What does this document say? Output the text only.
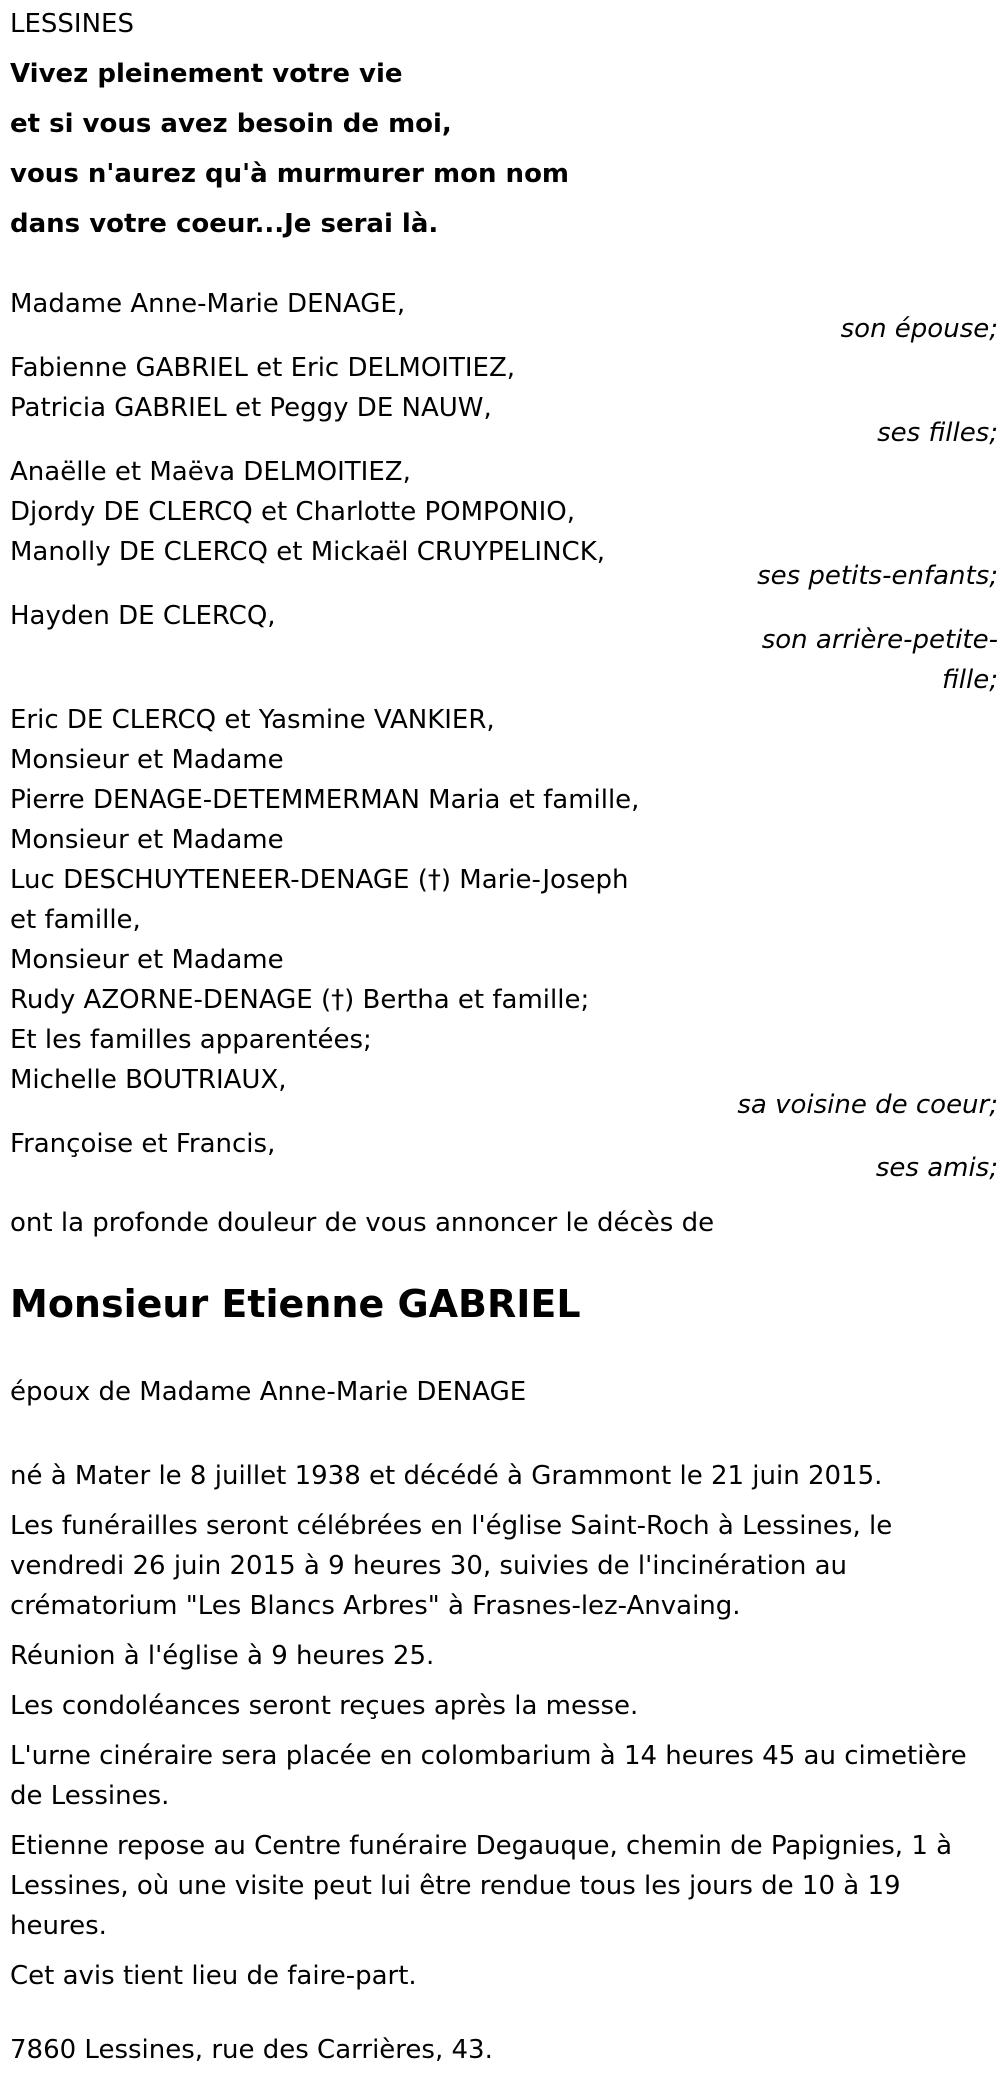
LESSINES
Vivez pleinement votre vie
et si vous avez besoin de moi,
vous n'aurez qu'à murmurer mon nom
dans votre coeur...Je serai là.
Madame Anne-Marie DENAGE,
son épouse;
Fabienne GABRIEL et Eric DELMOITIEZ,
Patricia GABRIEL et Peggy DE NAUW,
ses filles;
Anaëlle et Maëva DELMOITIEZ,
Djordy DE CLERCQ et Charlotte POMPONIO,
Manolly DE CLERCQ et Mickaël CRUYPELINCK,
ses petits-enfants;
Hayden DE CLERCQ,
son arrière-petite-
fille;
Eric DE CLERCQ et Yasmine VANKIER,
Monsieur et Madame
Pierre DENAGE-DETEMMERMAN Maria et famille,
Monsieur et Madame
Luc DESCHUYTENEER-DENAGE (†) Marie-Joseph
et famille,
Monsieur et Madame
Rudy AZORNE-DENAGE (†) Bertha et famille;
Et les familles apparentées;
Michelle BOUTRIAUX,
sa voisine de coeur;
Françoise et Francis,
ses amis;
ont la profonde douleur de vous annoncer le décès de
Monsieur Etienne GABRIEL
époux de Madame Anne-Marie DENAGE
né à Mater le 8 juillet 1938 et décédé à Grammont le 21 juin 2015.
Les funérailles seront célébrées en l'église Saint-Roch à Lessines, le vendredi 26 juin 2015 à 9 heures 30, suivies de l'incinération au crématorium "Les Blancs Arbres" à Frasnes-lez-Anvaing.
Réunion à l'église à 9 heures 25.
Les condoléances seront reçues après la messe.
L'urne cinéraire sera placée en colombarium à 14 heures 45 au cimetière de Lessines.
Etienne repose au Centre funéraire Degauque, chemin de Papignies, 1 à Lessines, où une visite peut lui être rendue tous les jours de 10 à 19 heures.
Cet avis tient lieu de faire-part.
7860 Lessines, rue des Carrières, 43.
